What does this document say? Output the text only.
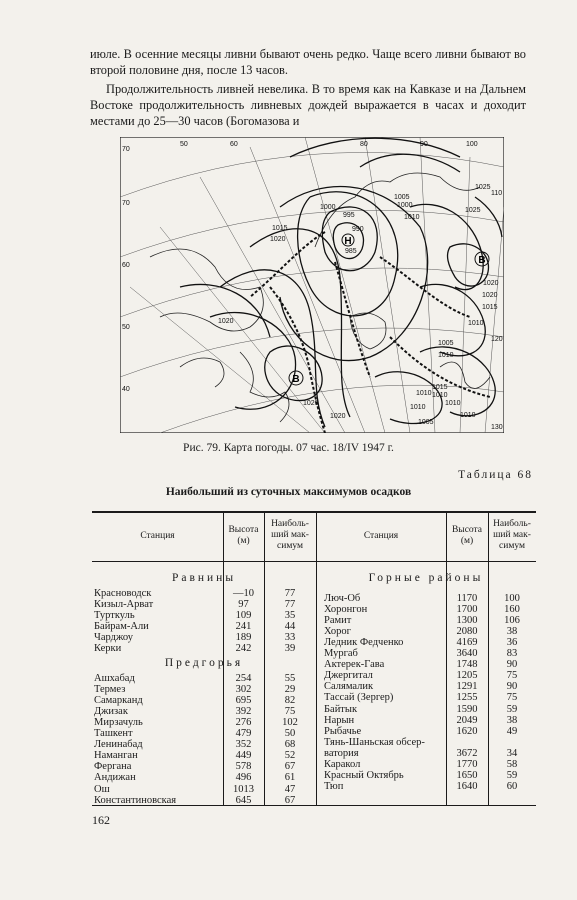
июле. В осенние месяцы ливни бывают очень редко. Чаще всего ливни бывают во второй половине дня, после 13 часов.

Продолжительность ливней невелика. В то время как на Кавказе и на Дальнем Востоке продолжительность ливневых дождей выражается в часах и доходит местами до 25—30 часов (Богомазова и

Н
В
В
995
990
985
1000	1000
1005
1010
1015
1020
1025
1025
1020
1020
1015
1010
1005
1010
1020
1015
1010
1010
1010
1005
1020
1020
1010
1010
70
50	60	80	90	100
110
120
130
70
60
50
40
Рис. 79. Карта погоды. 07 час. 18/IV 1947 г.
Таблица 68
Наибольший из суточных максимумов осадков
Станция
Высота
(м)
Наиболь-
ший мак-
симум
Станция
Высота
(м)
Наиболь-
ший мак-
симум
Равнины
Предгорья
Горные районы
Красноводск	—10	77
Кизыл-Арват	97	77
Турткуль	109	35
Байрам-Али	241	44
Чарджоу	189	33
Керки	242	39
Ашхабад	254	55
Термез	302	29
Самарканд	695	82
Джизак	392	75
Мирзачуль	276	102
Ташкент	479	50
Ленинабад	352	68
Наманган	449	52
Фергана	578	67
Андижан	496	61
Ош	1013	47
Константиновская	645	67
Люч-Об	1170	100
Хоронгон	1700	160
Рамит	1300	106
Хорог	2080	38
Ледник Федченко	4169	36
Мургаб	3640	83
Актерек-Гава	1748	90
Джергитал	1205	75
Салямалик	1291	90
Тассай (Зергер)	1255	75
Байтык	1590	59
Нарын	2049	38
Рыбачье	1620	49
Тянь-Шаньская обсер-
ватория	3672	34
Каракол	1770	58
Красный Октябрь	1650	59
Тюп	1640	60
162
